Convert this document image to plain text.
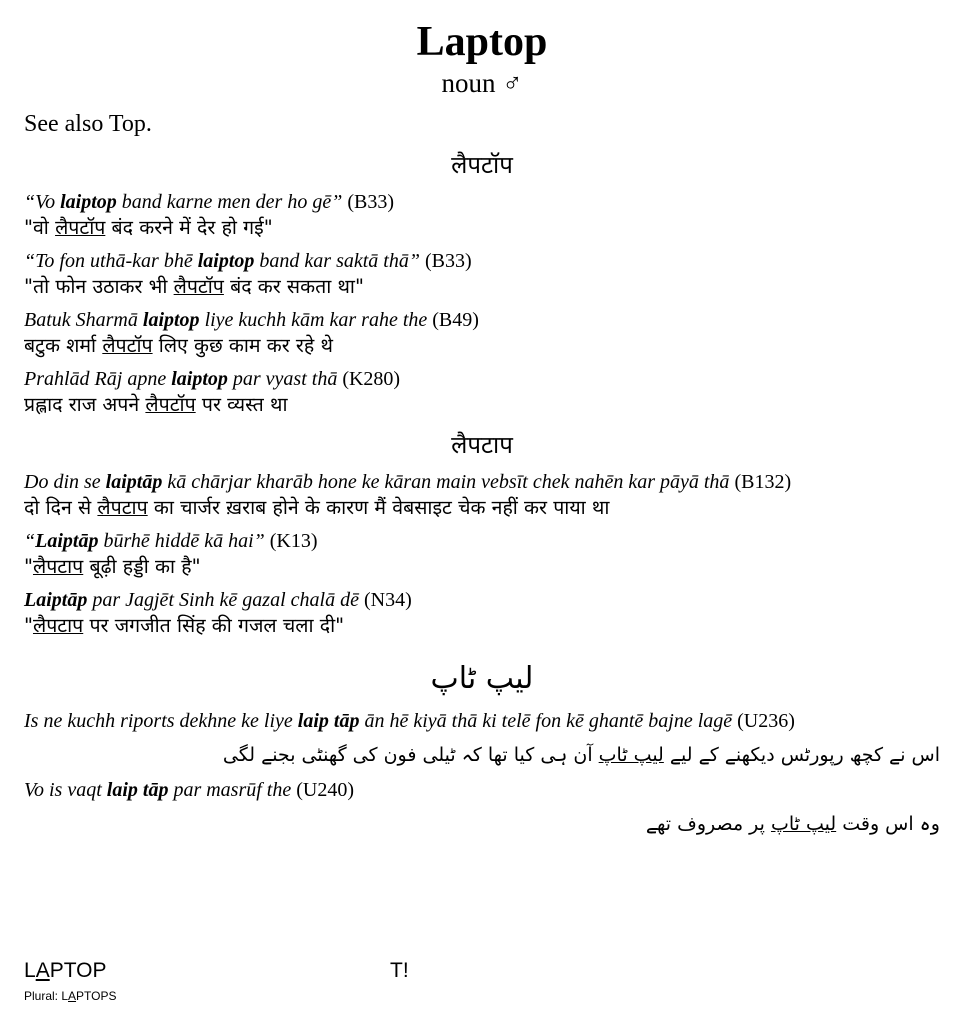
Laptop
noun ♂
See also Top.
लैपटॉप
“Vo laiptop band karne men der ho gē” (B33)
"वो लैपटॉप बंद करने में देर हो गई"
“To fon uthā-kar bhē laiptop band kar saktā thā” (B33)
"तो फोन उठाकर भी लैपटॉप बंद कर सकता था"
Batuk Sharmā laiptop liye kuchh kām kar rahe the (B49)
बटुक शर्मा लैपटॉप लिए कुछ काम कर रहे थे
Prahlād Rāj apne laiptop par vyast thā (K280)
प्रह्लाद राज अपने लैपटॉप पर व्यस्त था
लैपटाप
Do din se laiptāp kā chārjar kharāb hone ke kāran main vebsīt chek nahēn kar pāyā thā (B132)
दो दिन से लैपटाप का चार्जर ख़राब होने के कारण मैं वेबसाइट चेक नहीं कर पाया था
“Laiptāp būrhē hiddē kā hai” (K13)
"लैपटाप बूढ़ी हड्डी का है"
Laiptāp par Jagjēt Sinh kē gazal chalā dē (N34)
"लैपटाप पर जगजीत सिंह की गजल चला दी"
لیپ ٹاپ
Is ne kuchh riports dekhne ke liye laip tāp ān hē kiyā thā ki telē fon kē ghantē bajne lagē (U236)
اس نے کچھ رپورٹس دیکھنے کے لیے لیپ ٹاپ آن ہی کیا تھا کہ ٹیلی فون کی گھنٹی بجنے لگی
Vo is vaqt laip tāp par masrūf the (U240)
وہ اس وقت لیپ ٹاپ پر مصروف تھے
LAPTOP	T!
Plural: LAPTOPS
